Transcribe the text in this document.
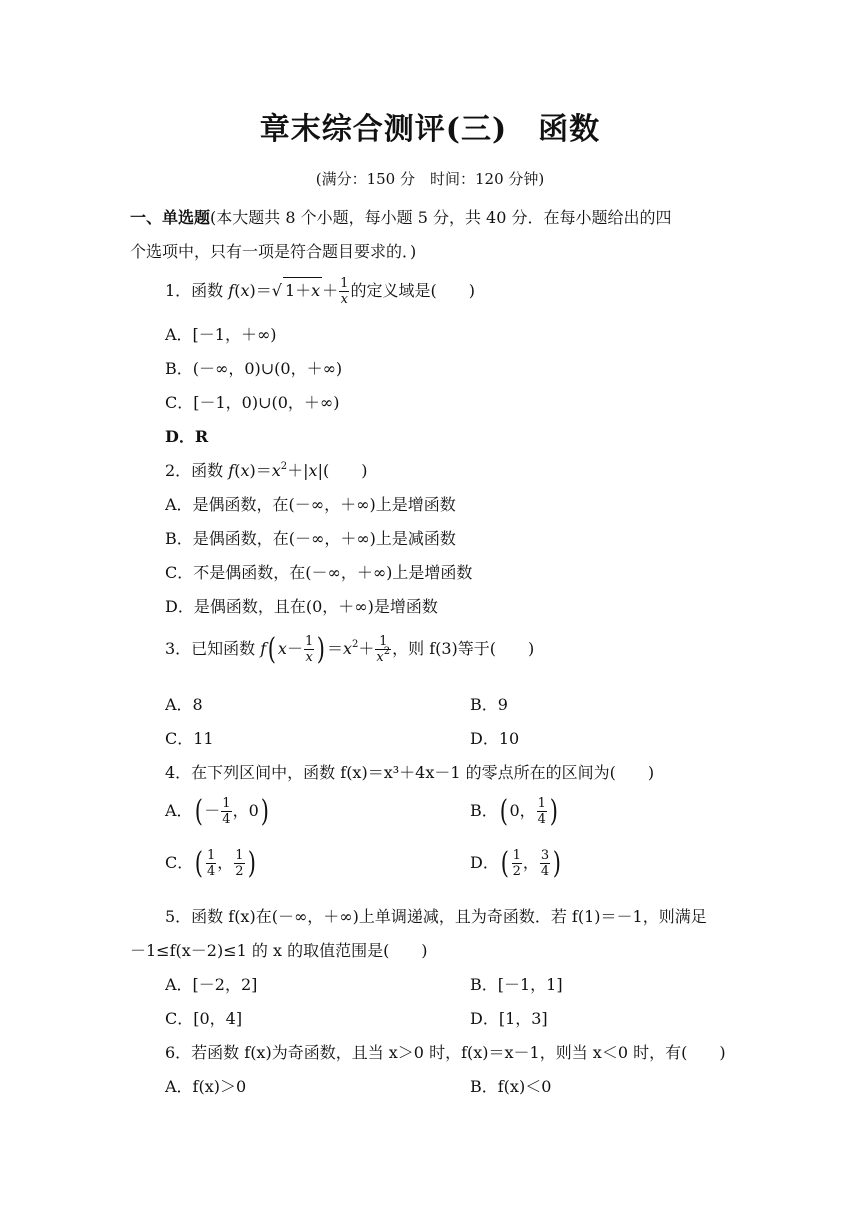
章末综合测评(三)　函数
(满分：150 分　时间：120 分钟)
一、单选题(本大题共 8 个小题，每小题 5 分，共 40 分．在每小题给出的四
个选项中，只有一项是符合题目要求的．)
1．函数 f(x)＝√ $1+x + \frac{1}{x}$ 的定义域是(　　)
A．[－1，＋∞)
B．(－∞，0)∪(0，＋∞)
C．[－1，0)∪(0，＋∞)
D．R
2．函数 $f(x)=x^2+|x|$(　　)
A．是偶函数，在(－∞，＋∞)上是增函数
B．是偶函数，在(－∞，＋∞)上是减函数
C．不是偶函数，在(－∞，＋∞)上是增函数
D．是偶函数，且在(0，＋∞)是增函数
3．已知函数 f( $x- \frac{1}{x}$ ) $=x^2+ \frac{1}{x^2}$ ，则 f(3)等于(　　)
A．8	B．9
C．11	D．10
4．在下列区间中，函数 f(x)＝x³＋4x－1 的零点所在的区间为(　　)
A．( － $\frac{1}{4}$ ，0)	B．( 0， $\frac{1}{4}$ )
C．( $\frac{1}{4}$ ， $\frac{1}{2}$ )	D．( $\frac{1}{2}$ ， $\frac{3}{4}$ )
5．函数 f(x)在(－∞，＋∞)上单调递减，且为奇函数．若 f(1)＝－1，则满足
－1≤f(x－2)≤1 的 x 的取值范围是(　　)
A．[－2，2]	B．[－1，1]
C．[0，4]	D．[1，3]
6．若函数 f(x)为奇函数，且当 x＞0 时，f(x)＝x－1，则当 x＜0 时，有(　　)
A．f(x)＞0	B．f(x)＜0
